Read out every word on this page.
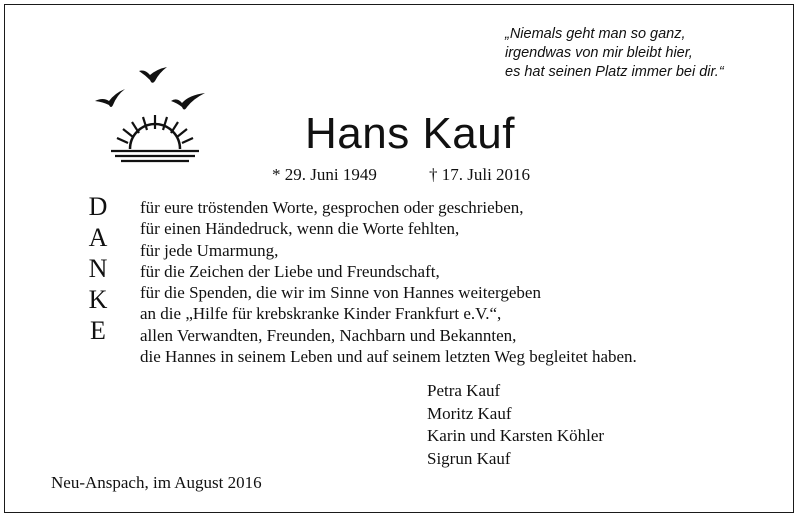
„Niemals geht man so ganz,
irgendwas von mir bleibt hier,
es hat seinen Platz immer bei dir.“
Hans Kauf
* 29. Juni 1949	† 17. Juli 2016
D
A
N
K
E
für eure tröstenden Worte, gesprochen oder geschrieben,
für einen Händedruck, wenn die Worte fehlten,
für jede Umarmung,
für die Zeichen der Liebe und Freundschaft,
für die Spenden, die wir im Sinne von Hannes weitergeben
an die „Hilfe für krebskranke Kinder Frankfurt e.V.“,
allen Verwandten, Freunden, Nachbarn und Bekannten,
die Hannes in seinem Leben und auf seinem letzten Weg begleitet haben.
Petra Kauf
Moritz Kauf
Karin und Karsten Köhler
Sigrun Kauf
Neu-Anspach, im August 2016
